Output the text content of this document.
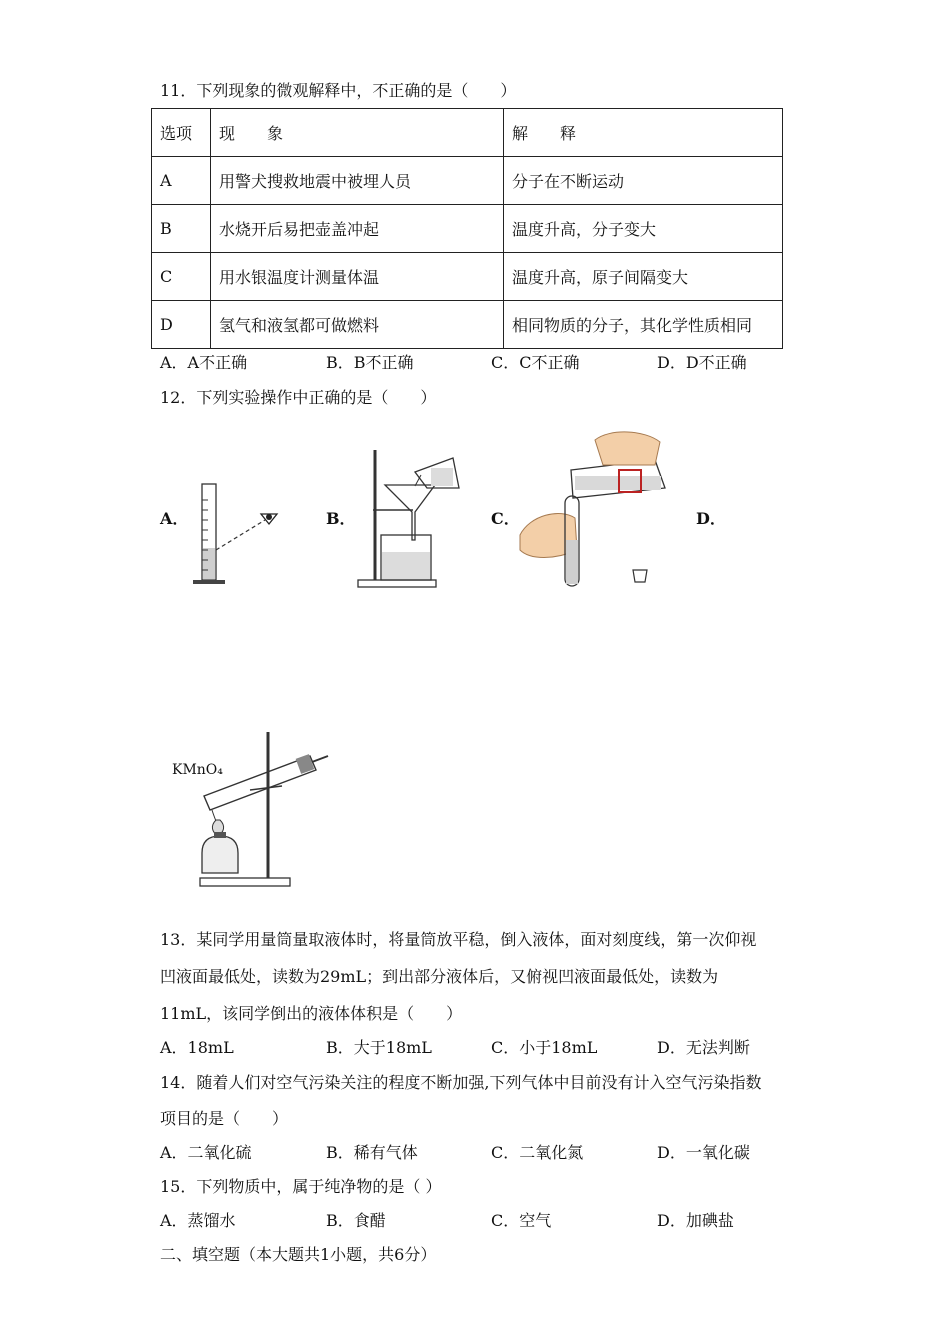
11．下列现象的微观解释中，不正确的是（　　）
选项	现　　象	解　　释
A	用警犬搜救地震中被埋人员	分子在不断运动
B	水烧开后易把壶盖冲起	温度升高，分子变大
C	用水银温度计测量体温	温度升高，原子间隔变大
D	氢气和液氢都可做燃料	相同物质的分子，其化学性质相同
A．A不正确	B．B不正确	C．C不正确	D．D不正确
12．下列实验操作中正确的是（　　）
A．	B．	C．	D．
KMnO₄
13．某同学用量筒量取液体时，将量筒放平稳，倒入液体，面对刻度线，第一次仰视
凹液面最低处，读数为29mL；到出部分液体后，又俯视凹液面最低处，读数为
11mL，该同学倒出的液体体积是（　　）
A．18mL	B．大于18mL	C．小于18mL	D．无法判断
14．随着人们对空气污染关注的程度不断加强,下列气体中目前没有计入空气污染指数
项目的是（　　）
A．二氧化硫	B．稀有气体	C．二氧化氮	D．一氧化碳
15．下列物质中，属于纯净物的是（ ）
A．蒸馏水	B．食醋	C．空气	D．加碘盐
二、填空题（本大题共1小题，共6分）
